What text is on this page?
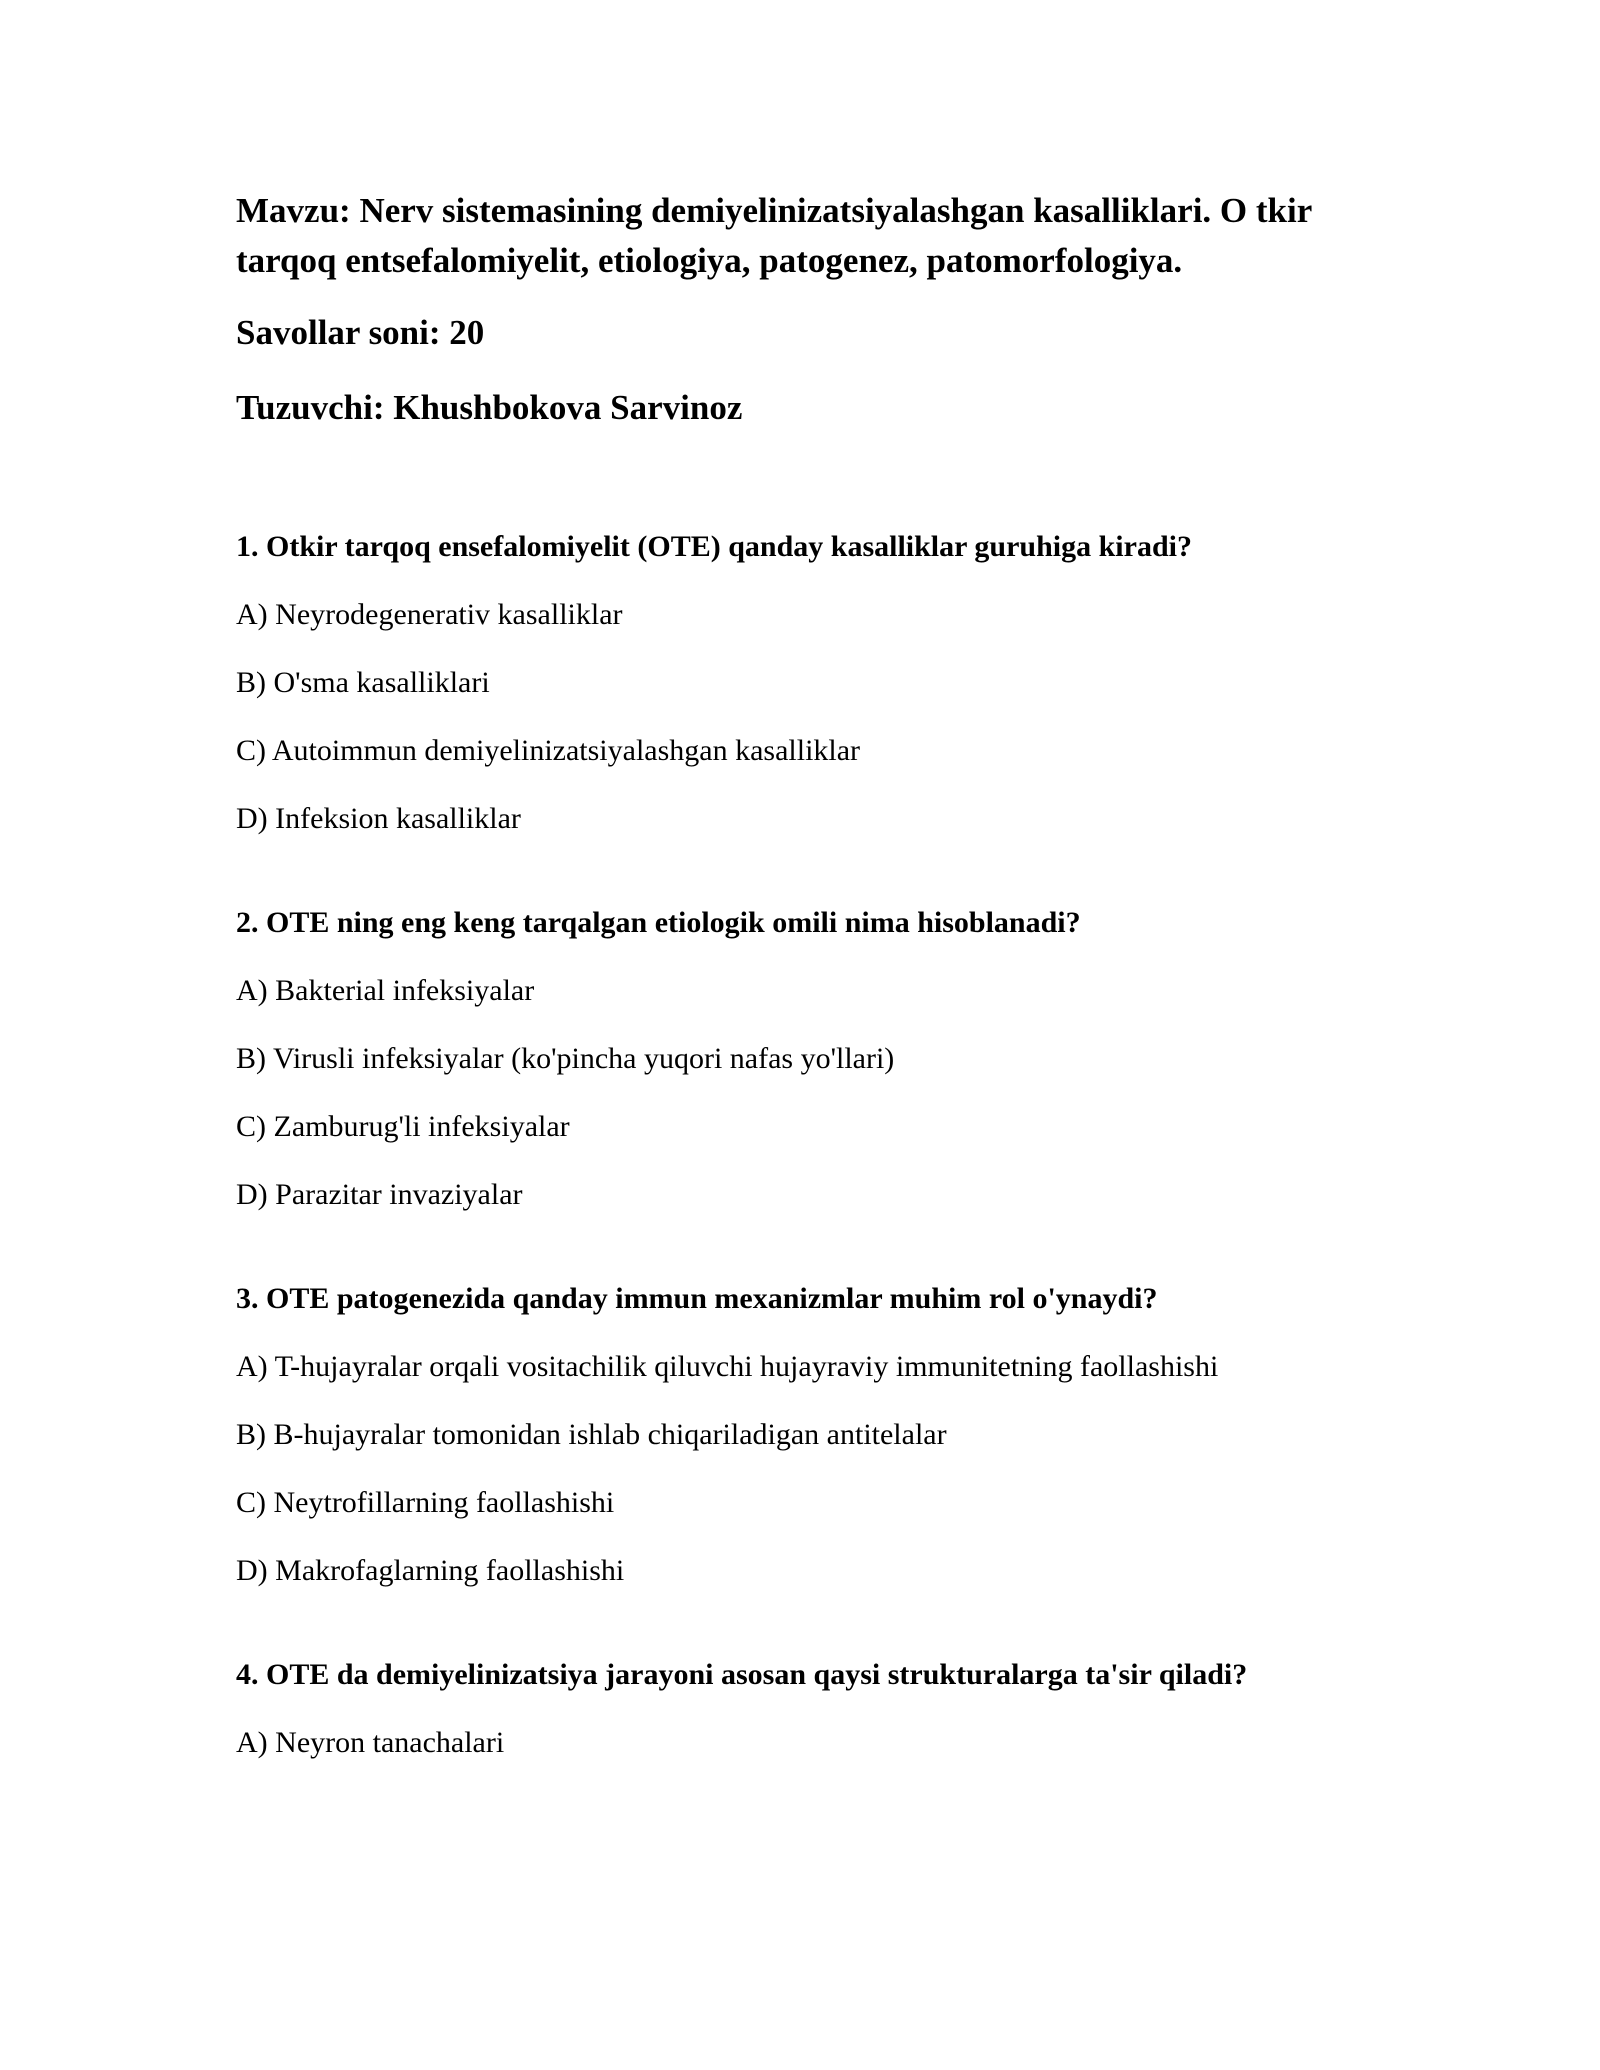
Mavzu: Nerv sistemasining demiyelinizatsiyalashgan kasalliklari. O tkir
tarqoq entsefalomiyelit, etiologiya, patogenez, patomorfologiya.

Savollar soni: 20

Tuzuvchi: Khushbokova Sarvinoz

1. Otkir tarqoq ensefalomiyelit (OTE) qanday kasalliklar guruhiga kiradi?

A) Neyrodegenerativ kasalliklar

B) O'sma kasalliklari

C) Autoimmun demiyelinizatsiyalashgan kasalliklar

D) Infeksion kasalliklar

2. OTE ning eng keng tarqalgan etiologik omili nima hisoblanadi?

A) Bakterial infeksiyalar

B) Virusli infeksiyalar (ko'pincha yuqori nafas yo'llari)

C) Zamburug'li infeksiyalar

D) Parazitar invaziyalar

3. OTE patogenezida qanday immun mexanizmlar muhim rol o'ynaydi?

A) T-hujayralar orqali vositachilik qiluvchi hujayraviy immunitetning faollashishi

B) B-hujayralar tomonidan ishlab chiqariladigan antitelalar

C) Neytrofillarning faollashishi

D) Makrofaglarning faollashishi

4. OTE da demiyelinizatsiya jarayoni asosan qaysi strukturalarga ta'sir qiladi?

A) Neyron tanachalari
